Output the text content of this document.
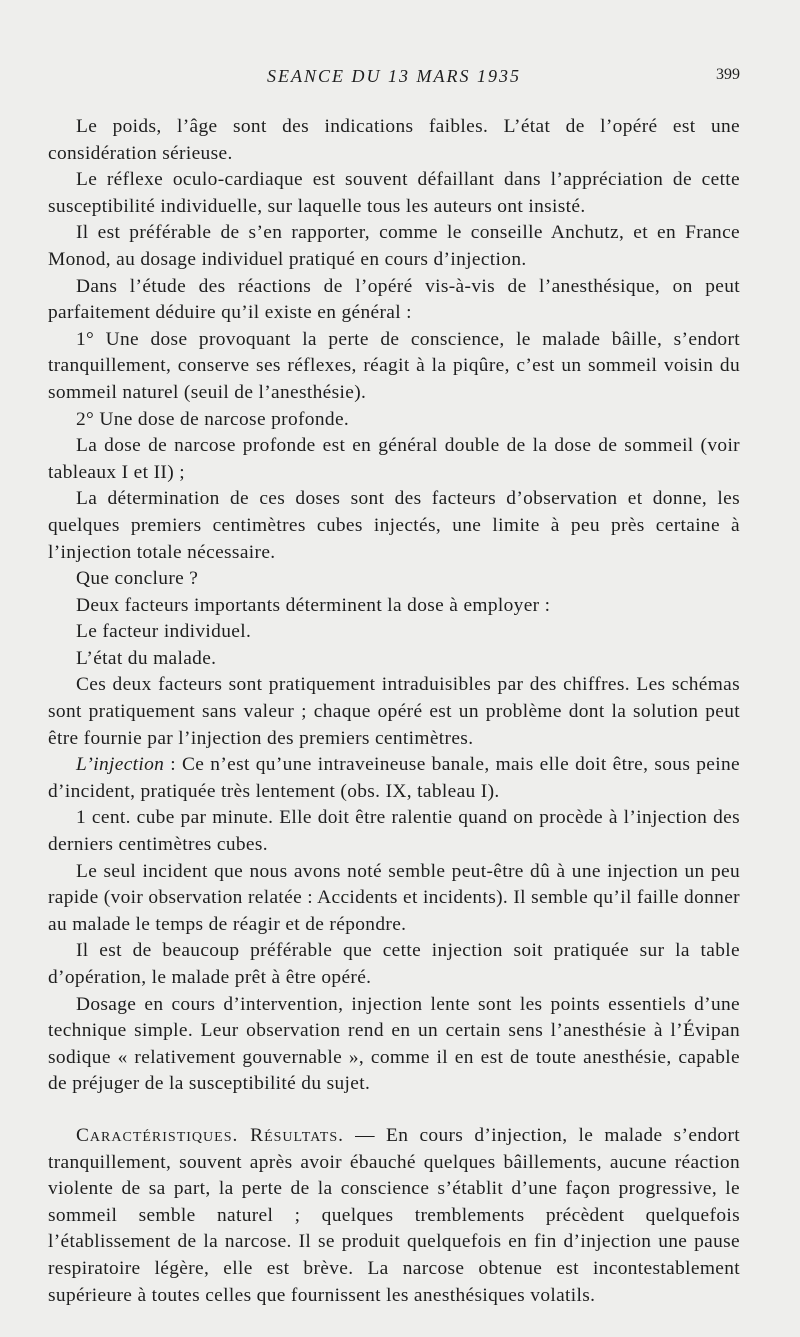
SEANCE DU 13 MARS 1935	399

Le poids, l’âge sont des indications faibles. L’état de l’opéré est une considération sérieuse.

Le réflexe oculo-cardiaque est souvent défaillant dans l’appréciation de cette susceptibilité individuelle, sur laquelle tous les auteurs ont insisté.

Il est préférable de s’en rapporter, comme le conseille Anchutz, et en France Monod, au dosage individuel pratiqué en cours d’injection.

Dans l’étude des réactions de l’opéré vis-à-vis de l’anesthésique, on peut parfaitement déduire qu’il existe en général :

1° Une dose provoquant la perte de conscience, le malade bâille, s’endort tranquillement, conserve ses réflexes, réagit à la piqûre, c’est un sommeil voisin du sommeil naturel (seuil de l’anesthésie).

2° Une dose de narcose profonde.

La dose de narcose profonde est en général double de la dose de sommeil (voir tableaux I et II) ;

La détermination de ces doses sont des facteurs d’observation et donne, les quelques premiers centimètres cubes injectés, une limite à peu près certaine à l’injection totale nécessaire.

Que conclure ?

Deux facteurs importants déterminent la dose à employer :

Le facteur individuel.

L’état du malade.

Ces deux facteurs sont pratiquement intraduisibles par des chiffres. Les schémas sont pratiquement sans valeur ; chaque opéré est un problème dont la solution peut être fournie par l’injection des premiers centimètres.

L’injection : Ce n’est qu’une intraveineuse banale, mais elle doit être, sous peine d’incident, pratiquée très lentement (obs. IX, tableau I).

1 cent. cube par minute. Elle doit être ralentie quand on procède à l’injection des derniers centimètres cubes.

Le seul incident que nous avons noté semble peut-être dû à une injection un peu rapide (voir observation relatée : Accidents et incidents). Il semble qu’il faille donner au malade le temps de réagir et de répondre.

Il est de beaucoup préférable que cette injection soit pratiquée sur la table d’opération, le malade prêt à être opéré.

Dosage en cours d’intervention, injection lente sont les points essentiels d’une technique simple. Leur observation rend en un certain sens l’anesthésie à l’Évipan sodique « relativement gouvernable », comme il en est de toute anesthésie, capable de préjuger de la susceptibilité du sujet.

Caractéristiques. Résultats. — En cours d’injection, le malade s’endort tranquillement, souvent après avoir ébauché quelques bâillements, aucune réaction violente de sa part, la perte de la conscience s’établit d’une façon progressive, le sommeil semble naturel ; quelques tremblements précèdent quelquefois l’établissement de la narcose. Il se produit quelquefois en fin d’injection une pause respiratoire légère, elle est brève. La narcose obtenue est incontestablement supérieure à toutes celles que fournissent les anesthésiques volatils.
